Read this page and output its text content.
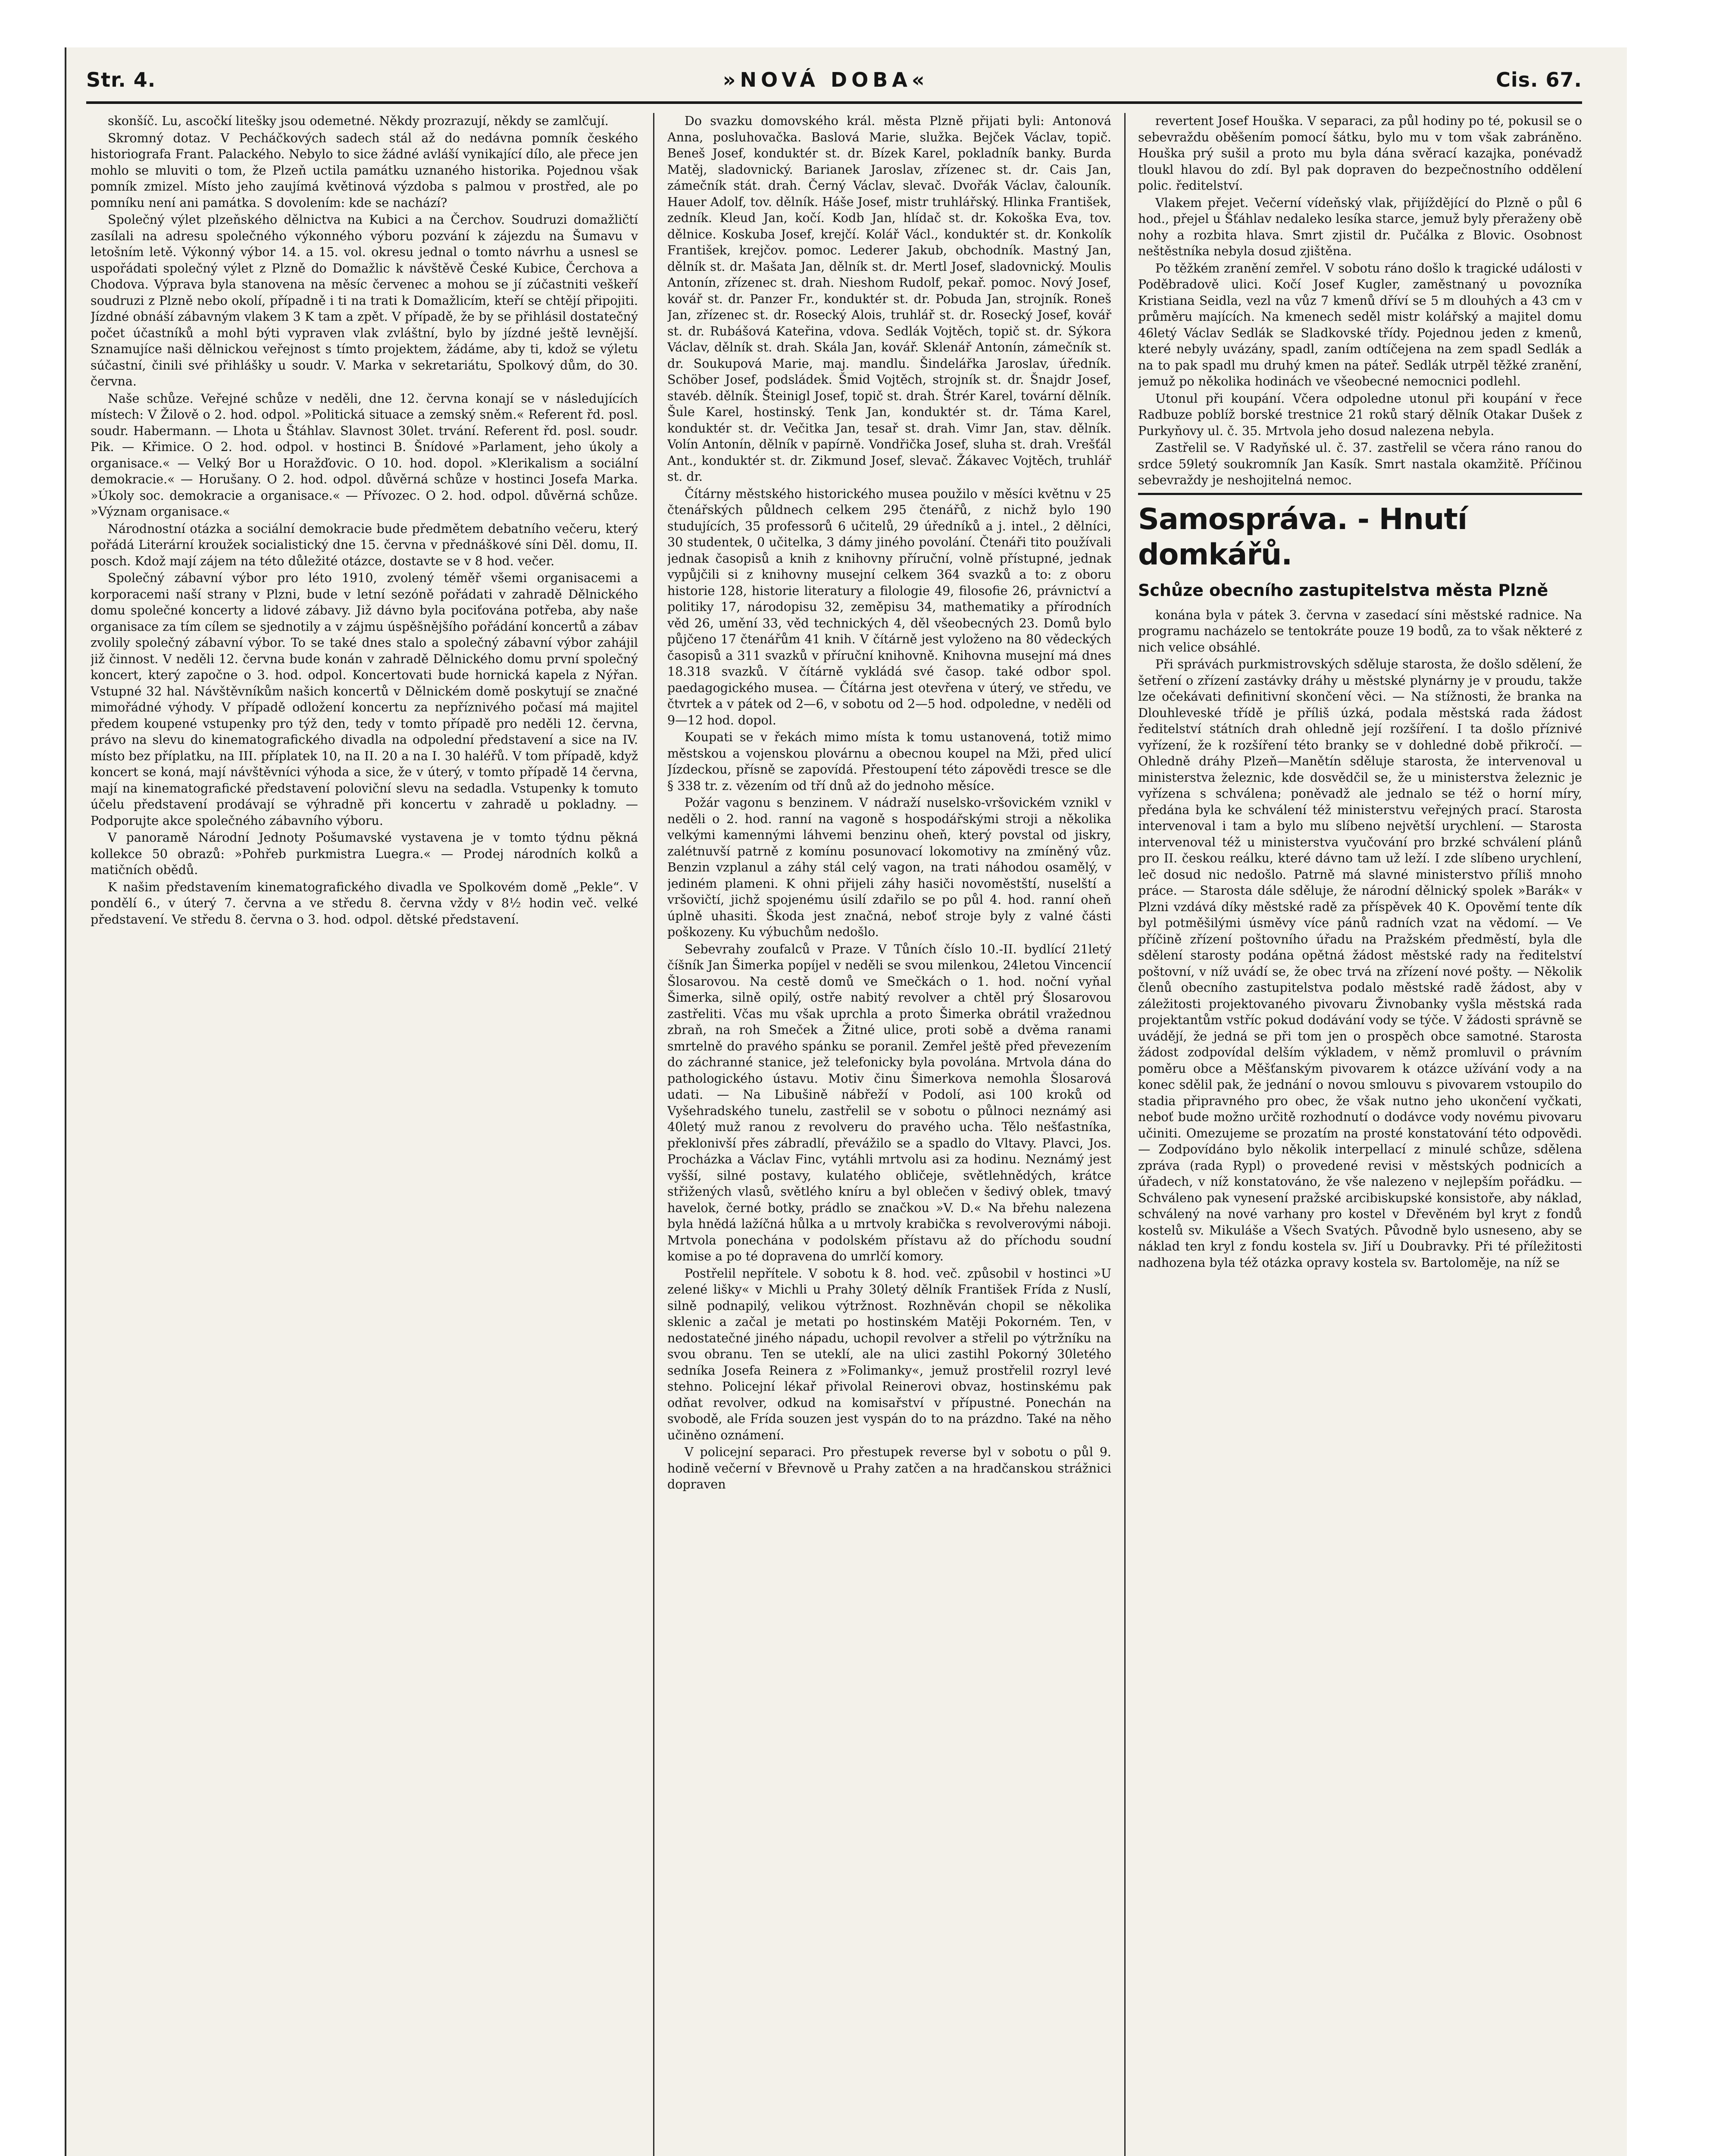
Str. 4.	»NOVÁ DOBA«	Cis. 67.

skonšíč. Lu, ascočkí litešky jsou odemetné. Někdy prozrazují, někdy se zamlčují.

Skromný dotaz. V Pecháčkových sadech stál až do nedávna pomník českého historiografa Frant. Palackého. Nebylo to sice žádné avláší vynikající dílo, ale přece jen mohlo se mluviti o tom, že Plzeň uctila památku uznaného historika. Pojednou však pomník zmizel. Místo jeho zaujímá květinová výzdoba s palmou v prostřed, ale po pomníku není ani památka. S dovolením: kde se nachází?

Společný výlet plzeňského dělnictva na Kubici a na Čerchov. Soudruzi domažličtí zasílali na adresu společného výkonného výboru pozvání k zájezdu na Šumavu v letošním letě. Výkonný výbor 14. a 15. vol. okresu jednal o tomto návrhu a usnesl se uspořádati společný výlet z Plzně do Domažlic k návštěvě České Kubice, Čerchova a Chodova. Výprava byla stanovena na měsíc červenec a mohou se jí zúčastniti veškeří soudruzi z Plzně nebo okolí, případně i ti na trati k Domažlicím, kteří se chtějí připojiti. Jízdné obnáší zábavným vlakem 3 K tam a zpět. V případě, že by se přihlásil dostatečný počet účastníků a mohl býti vypraven vlak zvláštní, bylo by jízdné ještě levnější. Sznamujíce naši dělnickou veřejnost s tímto projektem, žádáme, aby ti, kdož se výletu súčastní, činili své přihlášky u soudr. V. Marka v sekretariátu, Spolkový dům, do 30. června.

Naše schůze. Veřejné schůze v neděli, dne 12. června konají se v následujících místech: V Žilově o 2. hod. odpol. »Politická situace a zemský sněm.« Referent řd. posl. soudr. Habermann. — Lhota u Štáhlav. Slavnost 30let. trvání. Referent řd. posl. soudr. Pik. — Křimice. O 2. hod. odpol. v hostinci B. Šnídové »Parlament, jeho úkoly a organisace.« — Velký Bor u Horažďovic. O 10. hod. dopol. »Klerikalism a sociální demokracie.« — Horušany. O 2. hod. odpol. důvěrná schůze v hostinci Josefa Marka. »Úkoly soc. demokracie a organisace.« — Přívozec. O 2. hod. odpol. důvěrná schůze. »Význam organisace.«

Národnostní otázka a sociální demokracie bude předmětem debatního večeru, který pořádá Literární kroužek socialistický dne 15. června v přednáškové síni Děl. domu, II. posch. Kdož mají zájem na této důležité otázce, dostavte se v 8 hod. večer.

Společný zábavní výbor pro léto 1910, zvolený téměř všemi organisacemi a korporacemi naší strany v Plzni, bude v letní sezóně pořádati v zahradě Dělnického domu společné koncerty a lidové zábavy. Již dávno byla pociťována potřeba, aby naše organisace za tím cílem se sjednotily a v zájmu úspěšnějšího pořádání koncertů a zábav zvolily společný zábavní výbor. To se také dnes stalo a společný zábavní výbor zahájil již činnost. V neděli 12. června bude konán v zahradě Dělnického domu první společný koncert, který započne o 3. hod. odpol. Koncertovati bude hornická kapela z Nýřan. Vstupné 32 hal. Návštěvníkům našich koncertů v Dělnickém domě poskytují se značné mimořádné výhody. V případě odložení koncertu za nepříznivého počasí má majitel předem koupené vstupenky pro týž den, tedy v tomto případě pro neděli 12. června, právo na slevu do kinematografického divadla na odpolední představení a sice na IV. místo bez příplatku, na III. příplatek 10, na II. 20 a na I. 30 haléřů. V tom případě, když koncert se koná, mají návštěvníci výhoda a sice, že v úterý, v tomto případě 14 června, mají na kinematografické představení poloviční slevu na sedadla. Vstupenky k tomuto účelu představení prodávají se výhradně při koncertu v zahradě u pokladny. — Podporujte akce společného zábavního výboru.

V panoramě Národní Jednoty Pošumavské vystavena je v tomto týdnu pěkná kollekce 50 obrazů: »Pohřeb purkmistra Luegra.« — Prodej národních kolků a matičních obědů.

K našim představením kinematografického divadla ve Spolkovém domě „Pekle“. V pondělí 6., v úterý 7. června a ve středu 8. června vždy v 8½ hodin več. velké představení. Ve středu 8. června o 3. hod. odpol. dětské představení.

Do svazku domovského král. města Plzně přijati byli: Antonová Anna, posluhovačka. Baslová Marie, služka. Bejček Václav, topič. Beneš Josef, konduktér st. dr. Bízek Karel, pokladník banky. Burda Matěj, sladovnický. Barianek Jaroslav, zřízenec st. dr. Cais Jan, zámečník stát. drah. Černý Václav, slevač. Dvořák Václav, čalouník. Hauer Adolf, tov. dělník. Háše Josef, mistr truhlářský. Hlinka František, zedník. Kleud Jan, kočí. Kodb Jan, hlídač st. dr. Kokoška Eva, tov. dělnice. Koskuba Josef, krejčí. Kolář Václ., konduktér st. dr. Konkolík František, krejčov. pomoc. Lederer Jakub, obchodník. Mastný Jan, dělník st. dr. Mašata Jan, dělník st. dr. Mertl Josef, sladovnický. Moulis Antonín, zřízenec st. drah. Nieshom Rudolf, pekař. pomoc. Nový Josef, kovář st. dr. Panzer Fr., konduktér st. dr. Pobuda Jan, strojník. Roneš Jan, zřízenec st. dr. Rosecký Alois, truhlář st. dr. Rosecký Josef, kovář st. dr. Rubášová Kateřina, vdova. Sedlák Vojtěch, topič st. dr. Sýkora Václav, dělník st. drah. Skála Jan, kovář. Sklenář Antonín, zámečník st. dr. Soukupová Marie, maj. mandlu. Šindelářka Jaroslav, úředník. Schöber Josef, podsládek. Šmid Vojtěch, strojník st. dr. Šnajdr Josef, stavéb. dělník. Šteinigl Josef, topič st. drah. Štrér Karel, tovární dělník. Šule Karel, hostinský. Tenk Jan, konduktér st. dr. Táma Karel, konduktér st. dr. Večitka Jan, tesař st. drah. Vimr Jan, stav. dělník. Volín Antonín, dělník v papírně. Vondřička Josef, sluha st. drah. Vrešťál Ant., konduktér st. dr. Zikmund Josef, slevač. Žákavec Vojtěch, truhlář st. dr.

Čítárny městského historického musea použilo v měsíci květnu v 25 čtenářských půldnech celkem 295 čtenářů, z nichž bylo 190 studujících, 35 professorů 6 učitelů, 29 úředníků a j. intel., 2 dělníci, 30 studentek, 0 učitelka, 3 dámy jiného povolání. Čtenáři tito používali jednak časopisů a knih z knihovny příruční, volně přístupné, jednak vypůjčili si z knihovny musejní celkem 364 svazků a to: z oboru historie 128, historie literatury a filologie 49, filosofie 26, právnictví a politiky 17, národopisu 32, zeměpisu 34, mathematiky a přírodních věd 26, umění 33, věd technických 4, děl všeobecných 23. Domů bylo půjčeno 17 čtenářům 41 knih. V čítárně jest vyloženo na 80 vědeckých časopisů a 311 svazků v příruční knihovně. Knihovna musejní má dnes 18.318 svazků. V čítárně vykládá své časop. také odbor spol. paedagogického musea. — Čítárna jest otevřena v úterý, ve středu, ve čtvrtek a v pátek od 2—6, v sobotu od 2—5 hod. odpoledne, v neděli od 9—12 hod. dopol.

Koupati se v řekách mimo místa k tomu ustanovená, totiž mimo městskou a vojenskou plovárnu a obecnou koupel na Mži, před ulicí Jízdeckou, přísně se zapovídá. Přestoupení této zápovědi tresce se dle § 338 tr. z. vězením od tří dnů až do jednoho měsíce.

Požár vagonu s benzinem. V nádraží nuselsko-vršovickém vznikl v neděli o 2. hod. ranní na vagoně s hospodářskými stroji a několika velkými kamennými láhvemi benzinu oheň, který povstal od jiskry, zalétnuvší patrně z komínu posunovací lokomotivy na zmíněný vůz. Benzin vzplanul a záhy stál celý vagon, na trati náhodou osamělý, v jediném plameni. K ohni přijeli záhy hasiči novoměstští, nuselští a vršovičtí, jichž spojenému úsilí zdařilo se po půl 4. hod. ranní oheň úplně uhasiti. Škoda jest značná, neboť stroje byly z valné části poškozeny. Ku výbuchům nedošlo.

Sebevrahy zoufalců v Praze. V Tůních číslo 10.-II. bydlící 21letý číšník Jan Šimerka popíjel v neděli se svou milenkou, 24letou Vincencií Šlosarovou. Na cestě domů ve Smečkách o 1. hod. noční vyňal Šimerka, silně opilý, ostře nabitý revolver a chtěl prý Šlosarovou zastřeliti. Včas mu však uprchla a proto Šimerka obrátil vražednou zbraň, na roh Smeček a Žitné ulice, proti sobě a dvěma ranami smrtelně do pravého spánku se poranil. Zemřel ještě před převezením do záchranné stanice, jež telefonicky byla povolána. Mrtvola dána do pathologického ústavu. Motiv činu Šimerkova nemohla Šlosarová udati. — Na Libušině nábřeží v Podolí, asi 100 kroků od Vyšehradského tunelu, zastřelil se v sobotu o půlnoci neznámý asi 40letý muž ranou z revolveru do pravého ucha. Tělo nešťastníka, překlonivší přes zábradlí, převážilo se a spadlo do Vltavy. Plavci, Jos. Procházka a Václav Finc, vytáhli mrtvolu asi za hodinu. Neznámý jest vyšší, silné postavy, kulatého obličeje, světlehnědých, krátce střižených vlasů, světlého kníru a byl oblečen v šedivý oblek, tmavý havelok, černé botky, prádlo se značkou »V. D.« Na břehu nalezena byla hnědá lažíčná hůlka a u mrtvoly krabička s revolverovými náboji. Mrtvola ponechána v podolském přístavu až do příchodu soudní komise a po té dopravena do umrlčí komory.

Postřelil nepřítele. V sobotu k 8. hod. več. způsobil v hostinci »U zelené lišky« v Michli u Prahy 30letý dělník František Frída z Nuslí, silně podnapilý, velikou výtržnost. Rozhněván chopil se několika sklenic a začal je metati po hostinském Matěji Pokorném. Ten, v nedostatečné jiného nápadu, uchopil revolver a střelil po výtržníku na svou obranu. Ten se uteklí, ale na ulici zastihl Pokorný 30letého sedníka Josefa Reinera z »Folimanky«, jemuž prostřelil rozryl levé stehno. Policejní lékař přivolal Reinerovi obvaz, hostinskému pak odňat revolver, odkud na komisařství v přípustné. Ponechán na svobodě, ale Frída souzen jest vyspán do to na prázdno. Také na něho učiněno oznámení.

V policejní separaci. Pro přestupek reverse byl v sobotu o půl 9. hodině večerní v Břevnově u Prahy zatčen a na hradčanskou strážnici dopraven

revertent Josef Houška. V separaci, za půl hodiny po té, pokusil se o sebevraždu oběšením pomocí šátku, bylo mu v tom však zabráněno. Houška prý sušil a proto mu byla dána svěrací kazajka, ponévadž tloukl hlavou do zdí. Byl pak dopraven do bezpečnostního oddělení polic. ředitelství.

Vlakem přejet. Večerní vídeňský vlak, přijíždějící do Plzně o půl 6 hod., přejel u Šťáhlav nedaleko lesíka starce, jemuž byly přeraženy obě nohy a rozbita hlava. Smrt zjistil dr. Pučálka z Blovic. Osobnost neštěstníka nebyla dosud zjištěna.

Po těžkém zranění zemřel. V sobotu ráno došlo k tragické události v Poděbradově ulici. Kočí Josef Kugler, zaměstnaný u povozníka Kristiana Seidla, vezl na vůz 7 kmenů dříví se 5 m dlouhých a 43 cm v průměru majících. Na kmenech seděl mistr kolářský a majitel domu 46letý Václav Sedlák se Sladkovské třídy. Pojednou jeden z kmenů, které nebyly uvázány, spadl, zaním odtíčejena na zem spadl Sedlák a na to pak spadl mu druhý kmen na páteř. Sedlák utrpěl těžké zranění, jemuž po několika hodinách ve všeobecné nemocnici podlehl.

Utonul při koupání. Včera odpoledne utonul při koupání v řece Radbuze poblíž borské trestnice 21 roků starý dělník Otakar Dušek z Purkyňovy ul. č. 35. Mrtvola jeho dosud nalezena nebyla.

Zastřelil se. V Radyňské ul. č. 37. zastřelil se včera ráno ranou do srdce 59letý soukromník Jan Kasík. Smrt nastala okamžitě. Příčinou sebevraždy je neshojitelná nemoc.

Samospráva. - Hnutí domkářů.
Schůze obecního zastupitelstva města Plzně

konána byla v pátek 3. června v zasedací síni městské radnice. Na programu nacházelo se tentokráte pouze 19 bodů, za to však některé z nich velice obsáhlé.

Při správách purkmistrovských sděluje starosta, že došlo sdělení, že šetření o zřízení zastávky dráhy u městské plynárny je v proudu, takže lze očekávati definitivní skončení věci. — Na stížnosti, že branka na Dlouhleveské třídě je příliš úzká, podala městská rada žádost ředitelství státních drah ohledně její rozšíření. I ta došlo příznivé vyřízení, že k rozšíření této branky se v dohledné době přikročí. — Ohledně dráhy Plzeň—Manětín sděluje starosta, že intervenoval u ministerstva železnic, kde dosvědčil se, že u ministerstva železnic je vyřízena s schválena; poněvadž ale jednalo se též o horní míry, předána byla ke schválení též ministerstvu veřejných prací. Starosta intervenoval i tam a bylo mu slíbeno největší urychlení. — Starosta intervenoval též u ministerstva vyučování pro brzké schválení plánů pro II. českou reálku, které dávno tam už leží. I zde slíbeno urychlení, leč dosud nic nedošlo. Patrně má slavné ministerstvo příliš mnoho práce. — Starosta dále sděluje, že národní dělnický spolek »Barák« v Plzni vzdává díky městské radě za příspěvek 40 K. Opověmí tente dík byl potměšilými úsměvy více pánů radních vzat na vědomí. — Ve příčině zřízení poštovního úřadu na Pražském předměstí, byla dle sdělení starosty podána opětná žádost městské rady na ředitelství poštovní, v níž uvádí se, že obec trvá na zřízení nové pošty. — Několik členů obecního zastupitelstva podalo městské radě žádost, aby v záležitosti projektovaného pivovaru Živnobanky vyšla městská rada projektantům vstříc pokud dodávání vody se týče. V žádosti správně se uvádějí, že jedná se při tom jen o prospěch obce samotné. Starosta žádost zodpovídal delším výkladem, v němž promluvil o právním poměru obce a Měšťanským pivovarem k otázce užívání vody a na konec sdělil pak, že jednání o novou smlouvu s pivovarem vstoupilo do stadia připravného pro obec, že však nutno jeho ukončení vyčkati, neboť bude možno určitě rozhodnutí o dodávce vody novému pivovaru učiniti. Omezujeme se prozatím na prosté konstatování této odpovědi. — Zodpovídáno bylo několik interpellací z minulé schůze, sdělena zpráva (rada Rypl) o provedené revisi v městských podnicích a úřadech, v níž konstatováno, že vše nalezeno v nejlepším pořádku. — Schváleno pak vynesení pražské arcibiskupské konsistoře, aby náklad, schválený na nové varhany pro kostel v Dřevěném byl kryt z fondů kostelů sv. Mikuláše a Všech Svatých. Původně bylo usneseno, aby se náklad ten kryl z fondu kostela sv. Jiří u Doubravky. Při té příležitosti nadhozena byla též otázka opravy kostela sv. Bartoloměje, na níž se
